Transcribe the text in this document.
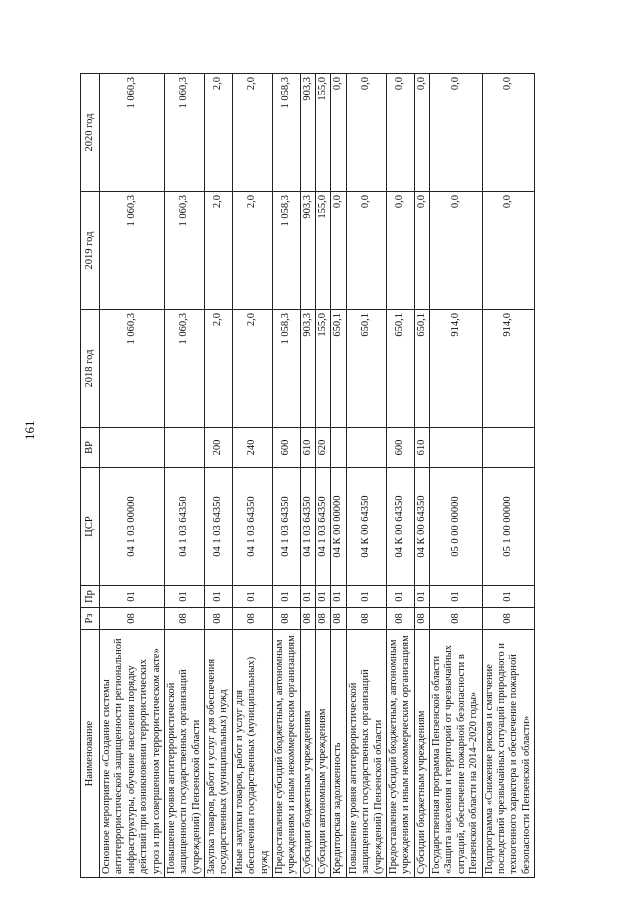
161
Наименование	Рз	Пр	ЦСР	ВР	2018 год	2019 год	2020 год
Основное мероприятие «Создание системы антитеррористической защищенности региональной инфраструктуры, обучение населения порядку действий при возникновении террористических угроз и при совершенном террористическом акте»	08	01	04 1 03 00000		1 060,3	1 060,3	1 060,3
Повышение уровня антитеррористической защищенности государственных организаций (учреждений) Пензенской области	08	01	04 1 03 64350		1 060,3	1 060,3	1 060,3
Закупка товаров, работ и услуг для обеспечения государственных (муниципальных) нужд	08	01	04 1 03 64350	200	2,0	2,0	2,0
Иные закупки товаров, работ и услуг для обеспечения государственных (муниципальных) нужд	08	01	04 1 03 64350	240	2,0	2,0	2,0
Предоставление субсидий бюджетным, автономным учреждениям и иным некоммерческим организациям	08	01	04 1 03 64350	600	1 058,3	1 058,3	1 058,3
Субсидии бюджетным учреждениям	08	01	04 1 03 64350	610	903,3	903,3	903,3
Субсидии автономным учреждениям	08	01	04 1 03 64350	620	155,0	155,0	155,0
Кредиторская задолженность	08	01	04 К 00 00000		650,1	0,0	0,0
Повышение уровня антитеррористической защищенности государственных организаций (учреждений) Пензенской области	08	01	04 К 00 64350		650,1	0,0	0,0
Предоставление субсидий бюджетным, автономным учреждениям и иным некоммерческим организациям	08	01	04 К 00 64350	600	650,1	0,0	0,0
Субсидии бюджетным учреждениям	08	01	04 К 00 64350	610	650,1	0,0	0,0
Государственная программа Пензенской области «Защита населения и территорий от чрезвычайных ситуаций, обеспечение пожарной безопасности в Пензенской области на 2014–2020 годы»	08	01	05 0 00 00000		914,0	0,0	0,0
Подпрограмма «Снижение рисков и смягчение последствий чрезвычайных ситуаций природного и техногенного характера и обеспечение пожарной безопасности Пензенской области»	08	01	05 1 00 00000		914,0	0,0	0,0
